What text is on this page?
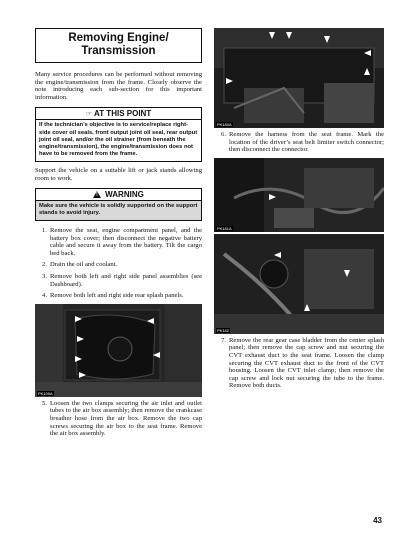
Removing Engine/
Transmission

Many service procedures can be performed without removing the engine/transmission from the frame. Closely observe the note introducing each sub-section for this important information.

☞ AT THIS POINT
If the technician’s objective is to service/replace right-side cover oil seals, front output joint oil seal, rear output joint oil seal, and/or the oil strainer (from beneath the engine/transmission), the engine/transmission does not have to be removed from the frame.

Support the vehicle on a suitable lift or jack stands allowing room to work.

!WARNING
Make sure the vehicle is solidly supported on the support stands to avoid injury.
1. Remove the seat, engine compartment panel, and the battery box cover; then disconnect the negative battery cable and secure it away from the battery. Tilt the cargo bed back.
2. Drain the oil and coolant.
3. Remove both left and right side panel assemblies (see Dashboard).
4. Remove both left and right side rear splash panels.
PK199A
5. Loosen the two clamps securing the air inlet and outlet tubes to the air box assembly; then remove the crankcase breather hose from the air box. Remove the two cap screws securing the air box to the seat frame. Remove the air box assembly.
PK180A
6. Remove the harness from the seat frame. Mark the location of the driver’s seat belt limiter switch connector; then disconnect the connector.
PK181A
PK182
7. Remove the rear gear case bladder from the center splash panel; then remove the cap screw and nut securing the CVT exhaust duct to the seat frame. Loosen the clamp securing the CVT exhaust duct to the front of the CVT housing. Loosen the CVT inlet clamp; then remove the cap screw and lock nut securing the tube to the frame. Remove both ducts.
43
